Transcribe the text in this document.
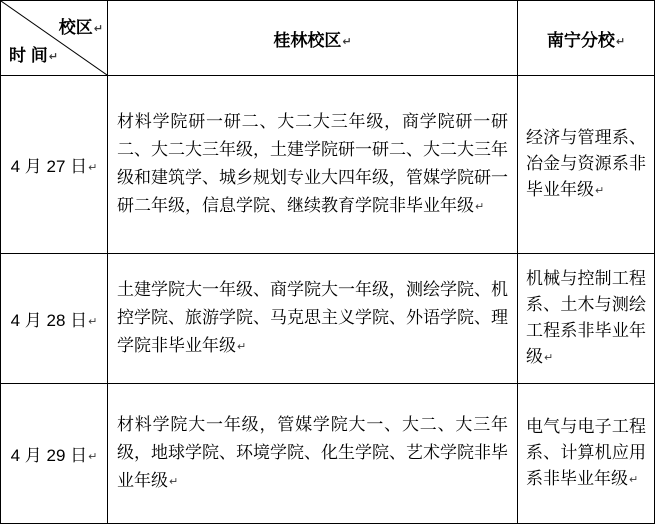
校区↵
时 间↵
桂林校区↵	南宁分校↵
4 月 27 日↵
材料学院研一研二、大二大三年级，商学院研一研二、大二大三年级，土建学院研一研二、大二大三年级和建筑学、城乡规划专业大四年级，管媒学院研一研二年级，信息学院、继续教育学院非毕业年级↵
经济与管理系、冶金与资源系非毕业年级↵
4 月 28 日↵
土建学院大一年级、商学院大一年级，测绘学院、机控学院、旅游学院、马克思主义学院、外语学院、理学院非毕业年级↵
机械与控制工程系、土木与测绘工程系非毕业年级↵
4 月 29 日↵
材料学院大一年级，管媒学院大一、大二、大三年级，地球学院、环境学院、化生学院、艺术学院非毕业年级↵
电气与电子工程系、计算机应用系非毕业年级↵
